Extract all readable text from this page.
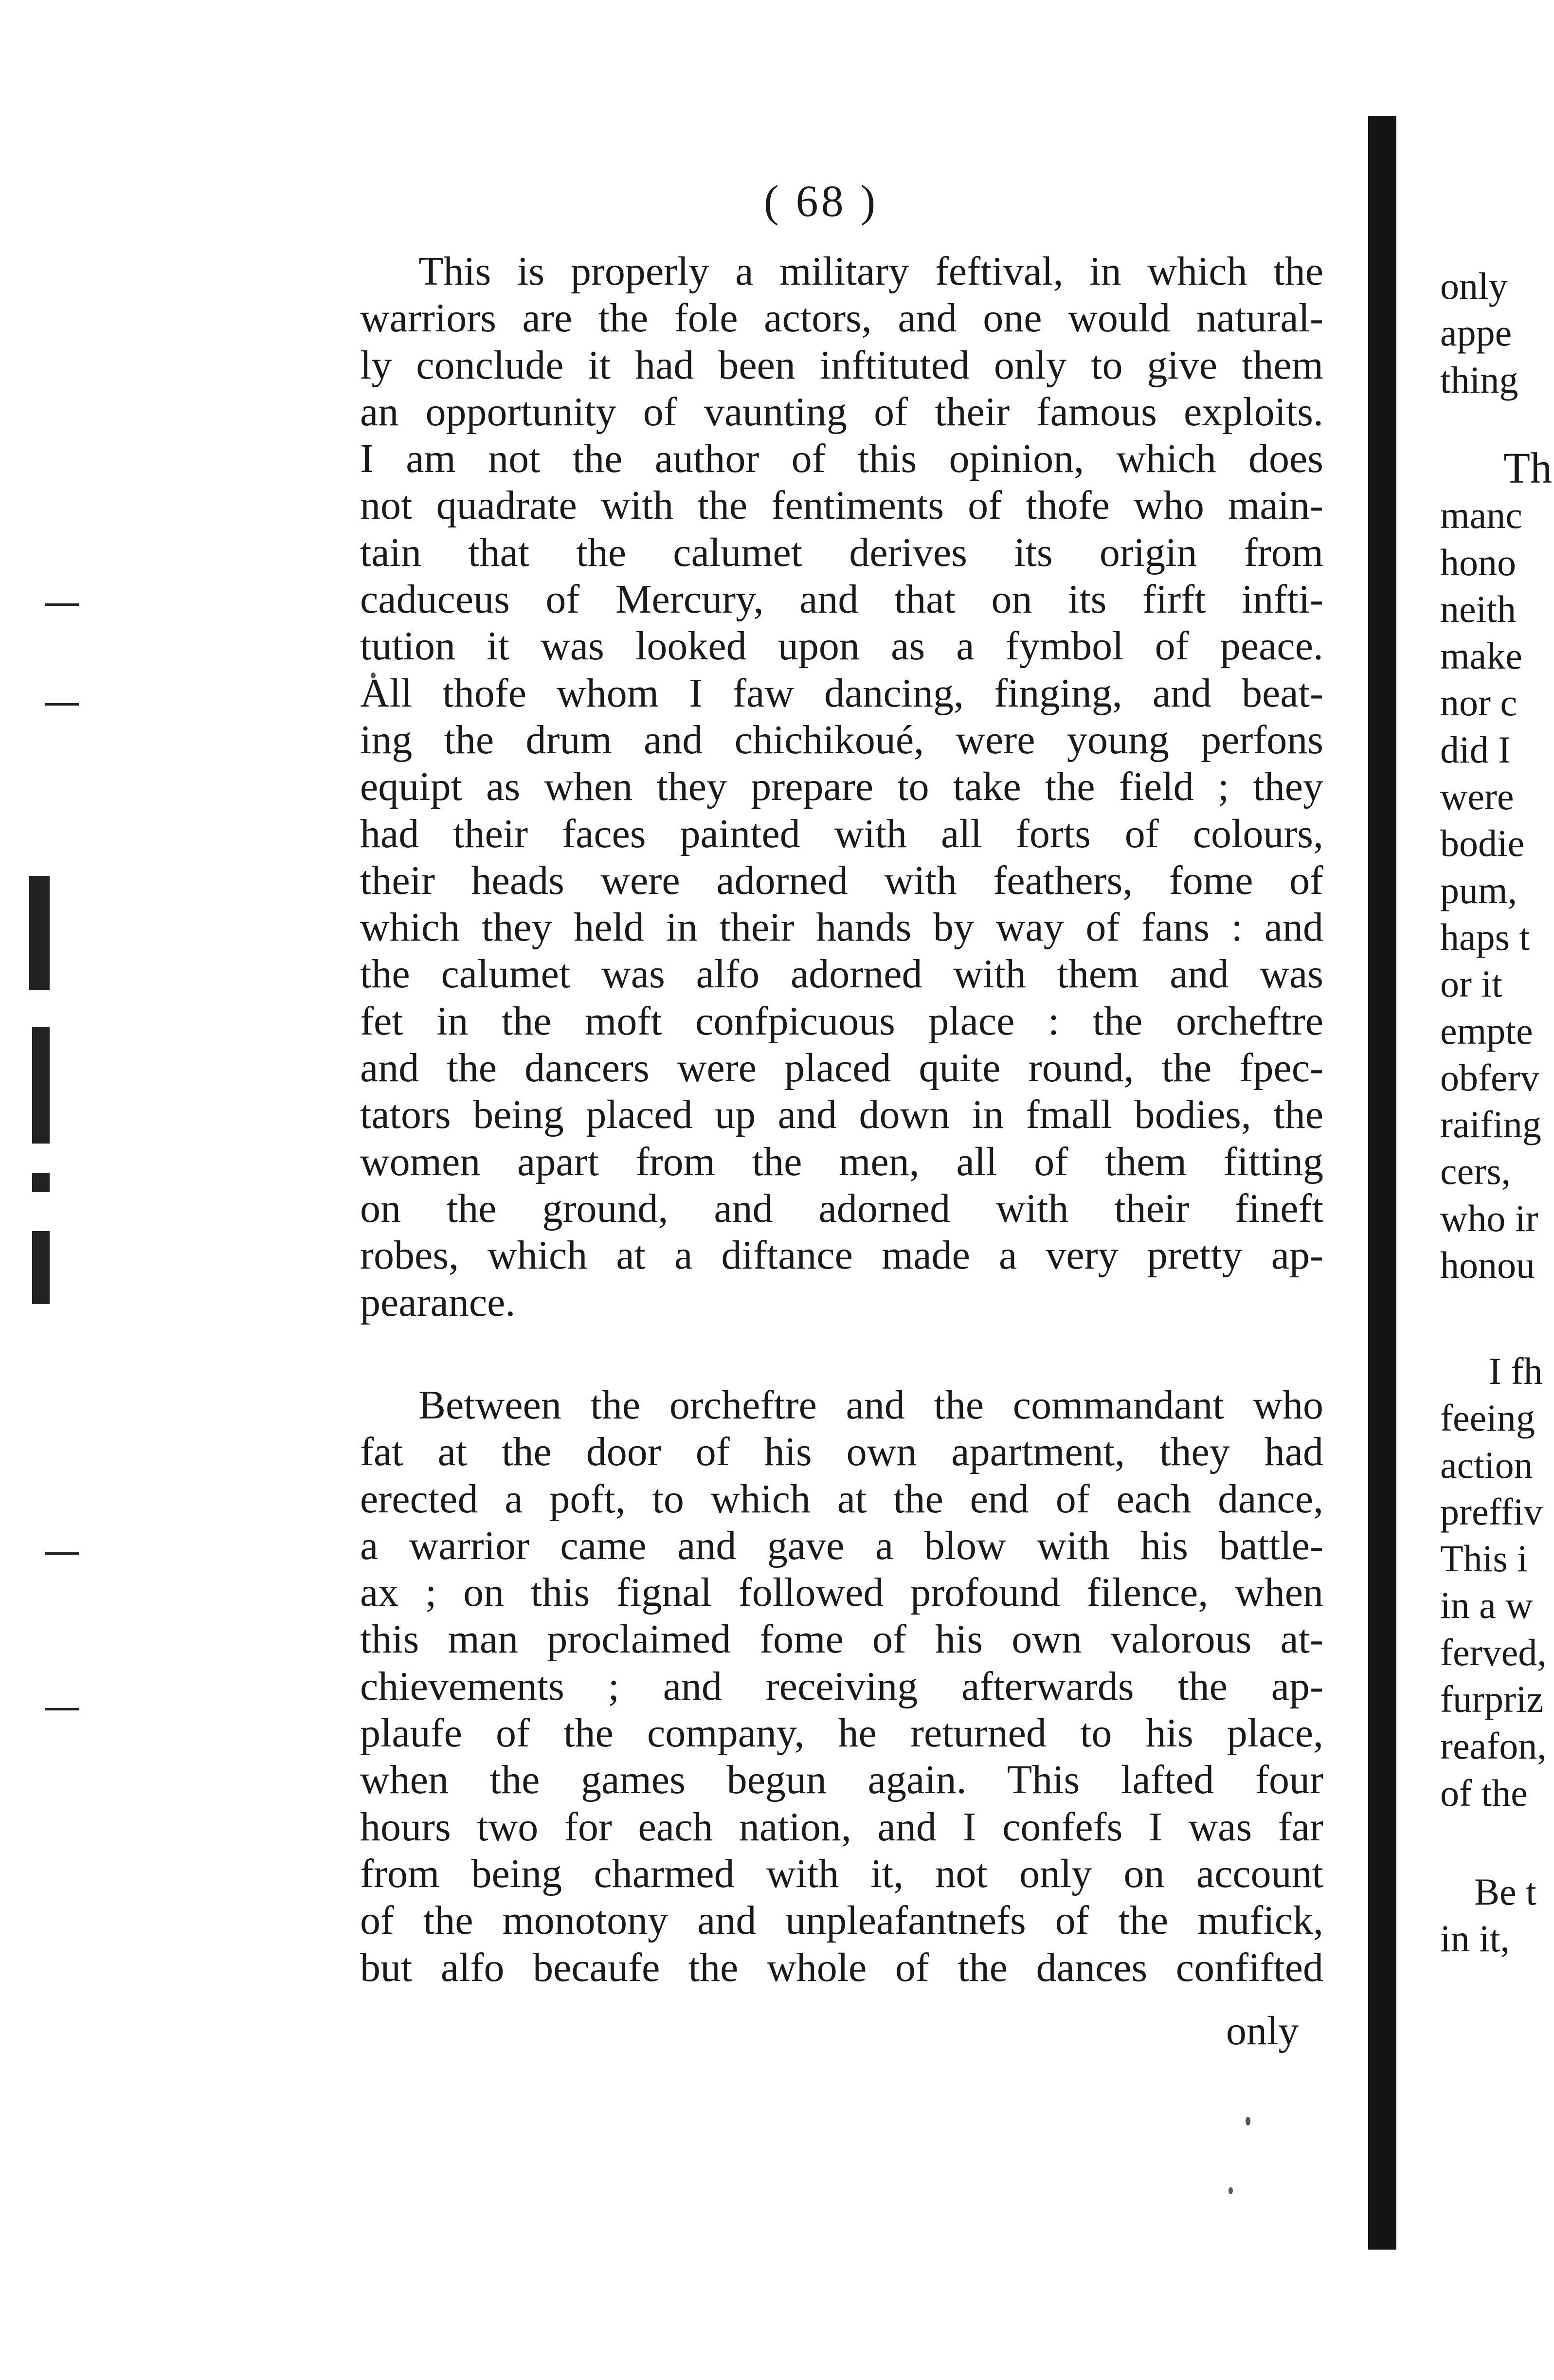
( 68 )
This is properly a military feftival, in which the
warriors are the fole actors, and one would natural-
ly conclude it had been inftituted only to give them
an opportunity of vaunting of their famous exploits.
I am not the author of this opinion, which does
not quadrate with the fentiments of thofe who main-
tain that the calumet derives its origin from
caduceus of Mercury, and that on its firft infti-
tution it was looked upon as a fymbol of peace.
All thofe whom I faw dancing, finging, and beat-
ing the drum and chichikoué, were young perfons
equipt as when they prepare to take the field ; they
had their faces painted with all forts of colours,
their heads were adorned with feathers, fome of
which they held in their hands by way of fans : and
the calumet was alfo adorned with them and was
fet in the moft confpicuous place : the orcheftre
and the dancers were placed quite round, the fpec-
tators being placed up and down in fmall bodies, the
women apart from the men, all of them fitting
on the ground, and adorned with their fineft
robes, which at a diftance made a very pretty ap-
pearance.
Between the orcheftre and the commandant who
fat at the door of his own apartment, they had
erected a poft, to which at the end of each dance,
a warrior came and gave a blow with his battle-
ax ; on this fignal followed profound filence, when
this man proclaimed fome of his own valorous at-
chievements ; and receiving afterwards the ap-
plaufe of the company, he returned to his place,
when the games begun again. This lafted four
hours two for each nation, and I confefs I was far
from being charmed with it, not only on account
of the monotony and unpleafantnefs of the mufick,
but alfo becaufe the whole of the dances confifted
only
only
appe
thing
Th
manc
hono
neith
make
nor c
did I
were
bodie
pum,
haps t
or it
empte
obferv
raifing
cers,
who ir
honou
I fh
feeing
action
preffiv
This i
in a w
ferved,
furpriz
reafon,
of the
Be t
in it,
